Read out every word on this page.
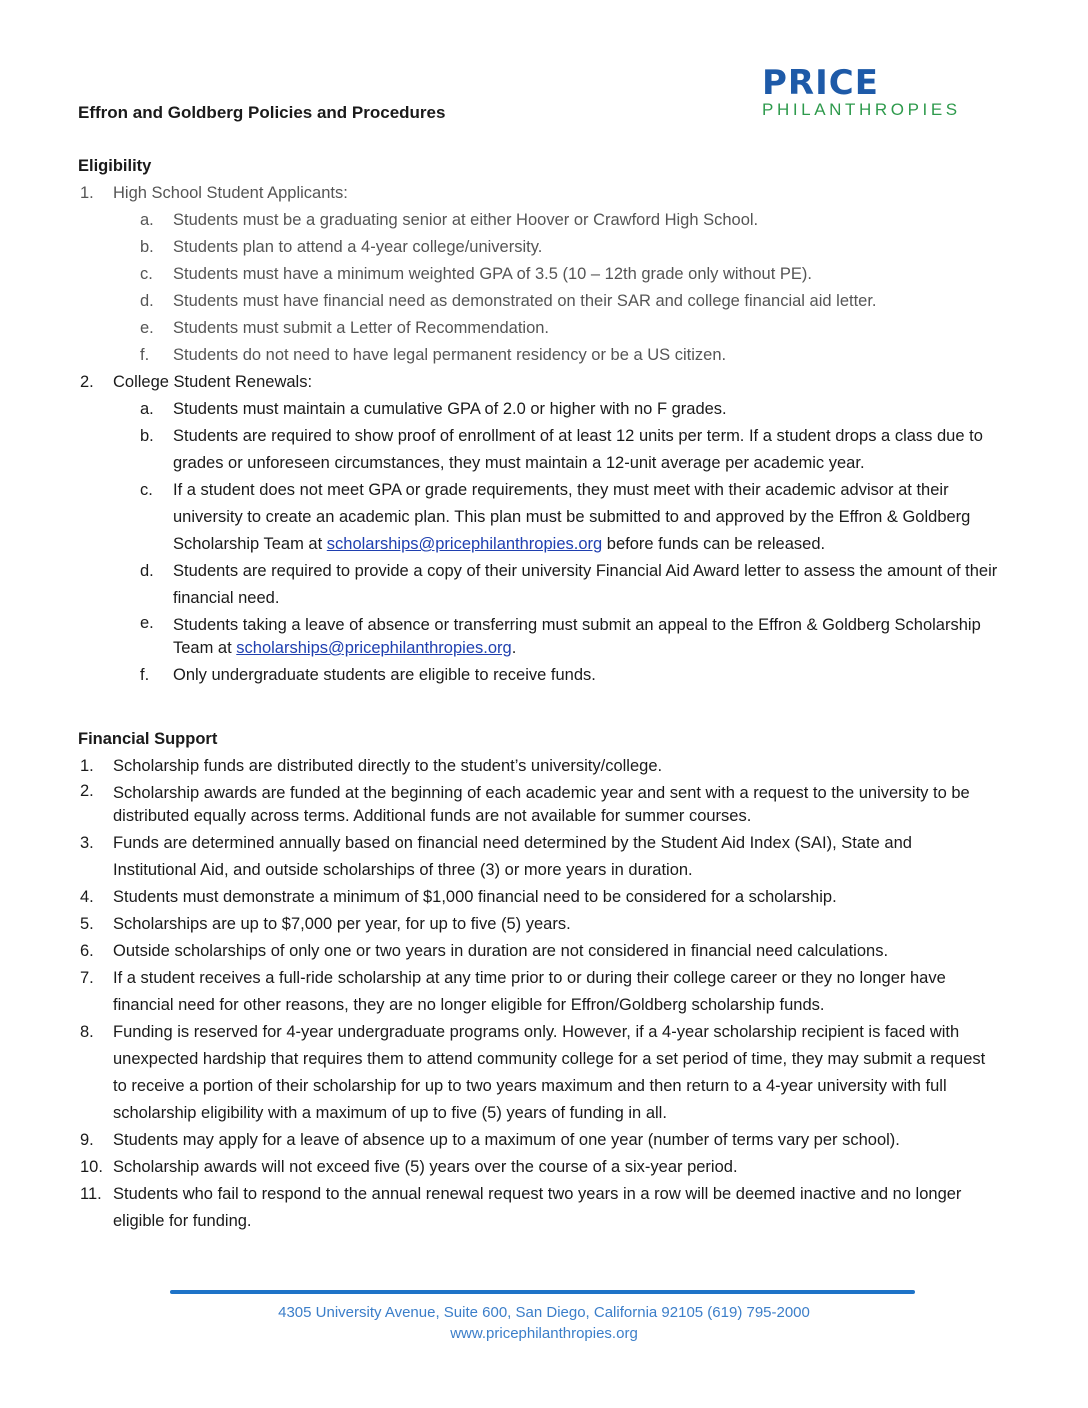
PRICE

PHILANTHROPIES

Effron and Goldberg Policies and Procedures
Eligibility
1. High School Student Applicants:
a. Students must be a graduating senior at either Hoover or Crawford High School.
b. Students plan to attend a 4-year college/university.
c. Students must have a minimum weighted GPA of 3.5 (10 – 12th grade only without PE).
d. Students must have financial need as demonstrated on their SAR and college financial aid letter.
e. Students must submit a Letter of Recommendation.
f. Students do not need to have legal permanent residency or be a US citizen.
2. College Student Renewals:
a. Students must maintain a cumulative GPA of 2.0 or higher with no F grades.
b. Students are required to show proof of enrollment of at least 12 units per term. If a student drops a class due to grades or unforeseen circumstances, they must maintain a 12-unit average per academic year.
c. If a student does not meet GPA or grade requirements, they must meet with their academic advisor at their university to create an academic plan. This plan must be submitted to and approved by the Effron & Goldberg Scholarship Team at scholarships@pricephilanthropies.org before funds can be released.
d. Students are required to provide a copy of their university Financial Aid Award letter to assess the amount of their financial need.
e. Students taking a leave of absence or transferring must submit an appeal to the Effron & Goldberg Scholarship Team at scholarships@pricephilanthropies.org.
f. Only undergraduate students are eligible to receive funds.
Financial Support
1. Scholarship funds are distributed directly to the student’s university/college.
2. Scholarship awards are funded at the beginning of each academic year and sent with a request to the university to be distributed equally across terms. Additional funds are not available for summer courses.
3. Funds are determined annually based on financial need determined by the Student Aid Index (SAI), State and Institutional Aid, and outside scholarships of three (3) or more years in duration.
4. Students must demonstrate a minimum of $1,000 financial need to be considered for a scholarship.
5. Scholarships are up to $7,000 per year, for up to five (5) years.
6. Outside scholarships of only one or two years in duration are not considered in financial need calculations.
7. If a student receives a full-ride scholarship at any time prior to or during their college career or they no longer have financial need for other reasons, they are no longer eligible for Effron/Goldberg scholarship funds.
8. Funding is reserved for 4-year undergraduate programs only. However, if a 4-year scholarship recipient is faced with unexpected hardship that requires them to attend community college for a set period of time, they may submit a request to receive a portion of their scholarship for up to two years maximum and then return to a 4-year university with full scholarship eligibility with a maximum of up to five (5) years of funding in all.
9. Students may apply for a leave of absence up to a maximum of one year (number of terms vary per school).
10. Scholarship awards will not exceed five (5) years over the course of a six-year period.
11. Students who fail to respond to the annual renewal request two years in a row will be deemed inactive and no longer eligible for funding.
4305 University Avenue, Suite 600, San Diego, California 92105 (619) 795-2000
www.pricephilanthropies.org
